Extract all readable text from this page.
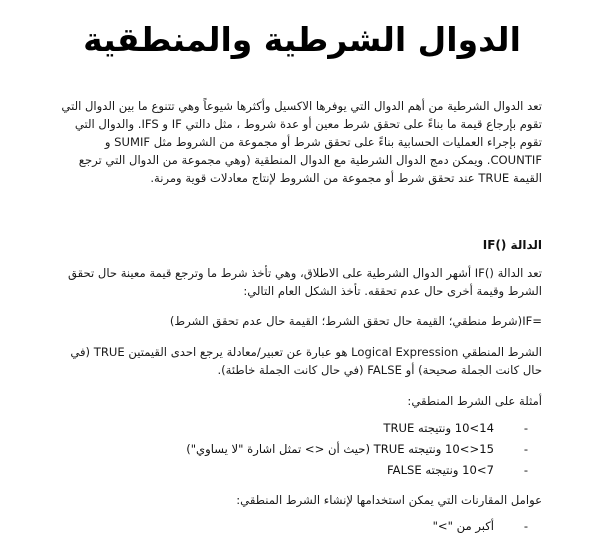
الدوال الشرطية والمنطقية
تعد الدوال الشرطية من أهم الدوال التي يوفرها الاكسيل وأكثرها شيوعاً وهي تتنوع ما بين الدوال التي
تقوم بإرجاع قيمة ما بناءً على تحقق شرط معين أو عدة شروط ، مثل دالتي IF و IFS. والدوال التي
تقوم بإجراء العمليات الحسابية بناءً على تحقق شرط أو مجموعة من الشروط مثل SUMIF و
COUNTIF. ويمكن دمج الدوال الشرطية مع الدوال المنطقية (وهي مجموعة من الدوال التي ترجع
القيمة TRUE عند تحقق شرط أو مجموعة من الشروط لإنتاج معادلات قوية ومرنة.
الدالة ()IF
تعد الدالة ()IF أشهر الدوال الشرطية على الاطلاق، وهي تأخذ شرط ما وترجع قيمة معينة حال تحقق
الشرط وقيمة أخرى حال عدم تحققه. تأخذ الشكل العام التالي:
=IF(شرط منطقي؛ القيمة حال تحقق الشرط؛ القيمة حال عدم تحقق الشرط)
الشرط المنطقي Logical Expression هو عبارة عن تعبير/معادلة يرجع احدى القيمتين TRUE (في
حال كانت الجملة صحيحة) أو FALSE (في حال كانت الجملة خاطئة).
أمثلة على الشرط المنطقي:
-
14>10 ونتيجته TRUE
-
15<>10 ونتيجته TRUE (حيث أن <> تمثل اشارة "لا يساوي")
-
7>10 ونتيجته FALSE
عوامل المقارنات التي يمكن استخدامها لإنشاء الشرط المنطقي:
-
أكبر من ">"
